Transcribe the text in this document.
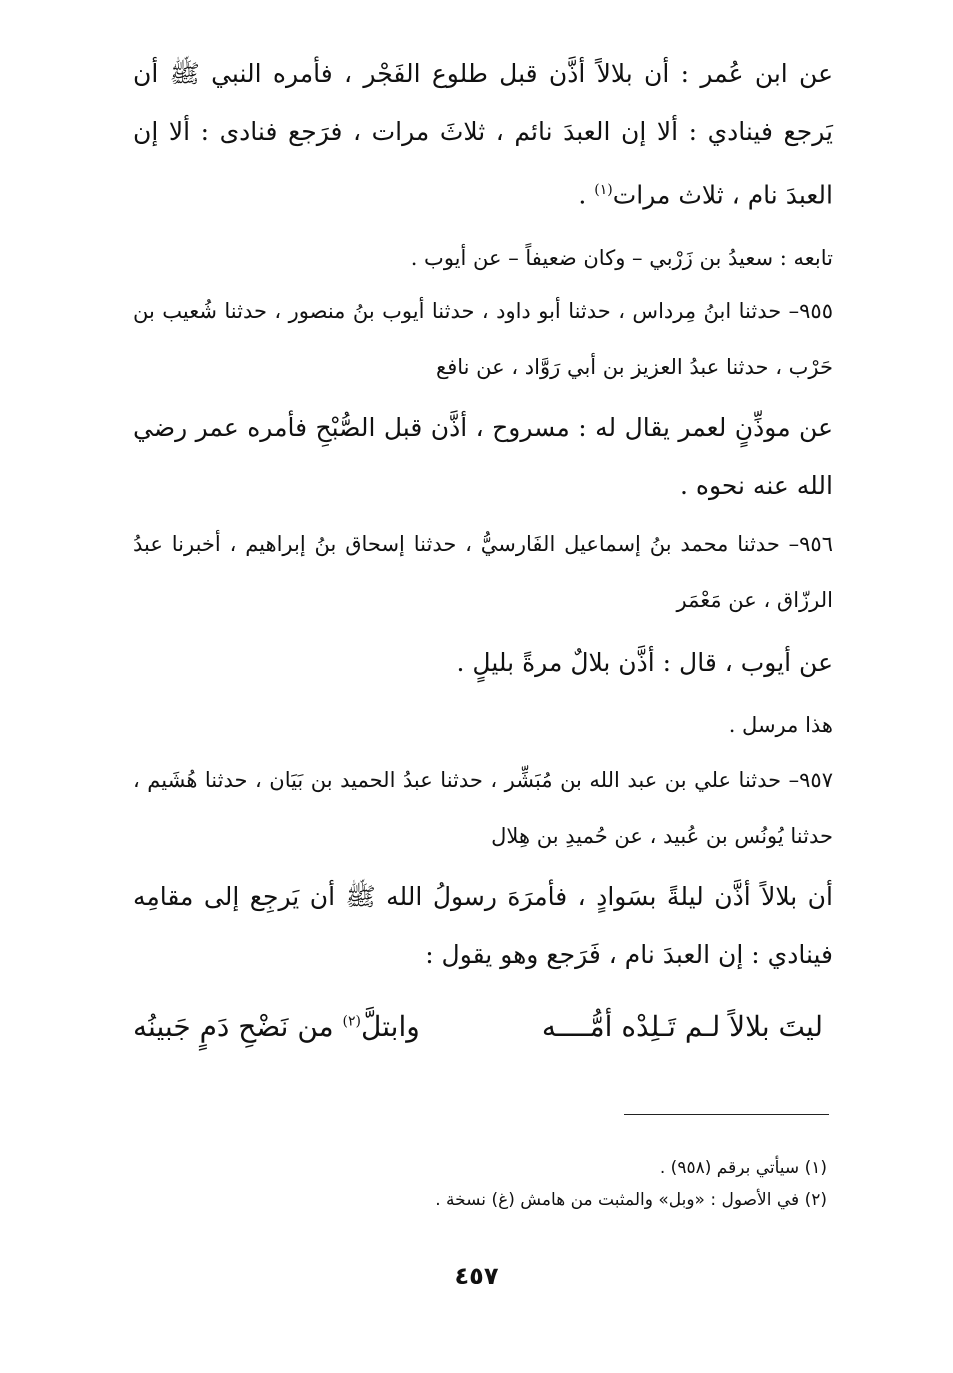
عن ابن عُمر : أن بلالاً أذَّن قبل طلوع الفَجْر ، فأمره النبي ﷺ أن يَرجع فينادي : ألا إن العبدَ نائم ، ثلاثَ مرات ، فرَجع فنادى : ألا إن العبدَ نام ، ثلاث مرات$^{(١)}$ .

تابعه : سعيدُ بن زَرْبي – وكان ضعيفاً – عن أيوب .

٩٥٥– حدثنا ابنُ مِرداس ، حدثنا أبو داود ، حدثنا أيوب بنُ منصور ، حدثنا شُعيب بن حَرْب ، حدثنا عبدُ العزيز بن أبي رَوَّاد ، عن نافع

عن موذِّنٍ لعمر يقال له : مسروح ، أذَّن قبل الصُّبْحِ فأمره عمر رضي الله عنه نحوه .

٩٥٦– حدثنا محمد بنُ إسماعيل الفَارسيُّ ، حدثنا إسحاق بنُ إبراهيم ، أخبرنا عبدُ الرزّاق ، عن مَعْمَر

عن أيوب ، قال : أذَّن بلالٌ مرةً بليلٍ .

هذا مرسل .

٩٥٧– حدثنا علي بن عبد الله بن مُبَشِّر ، حدثنا عبدُ الحميد بن بَيَان ، حدثنا هُشَيم ، حدثنا يُونُس بن عُبيد ، عن حُميدِ بن هِلال

أن بلالاً أذَّن ليلةً بسَوادٍ ، فأمرَهَ رسولُ الله ﷺ أن يَرجِع إلى مقامِه فينادي : إن العبدَ نام ، فَرَجع وهو يقول :

ليتَ بلالاً لـم تَـلِدْه أمُّــــه
وابتلَّ$^{(٢)}$ من نَضْحِ دَمٍ جَبينُه
(١) سيأتي برقم (٩٥٨) .
(٢) في الأصول : «وبل» والمثبت من هامش (غ) نسخة .
٤٥٧
